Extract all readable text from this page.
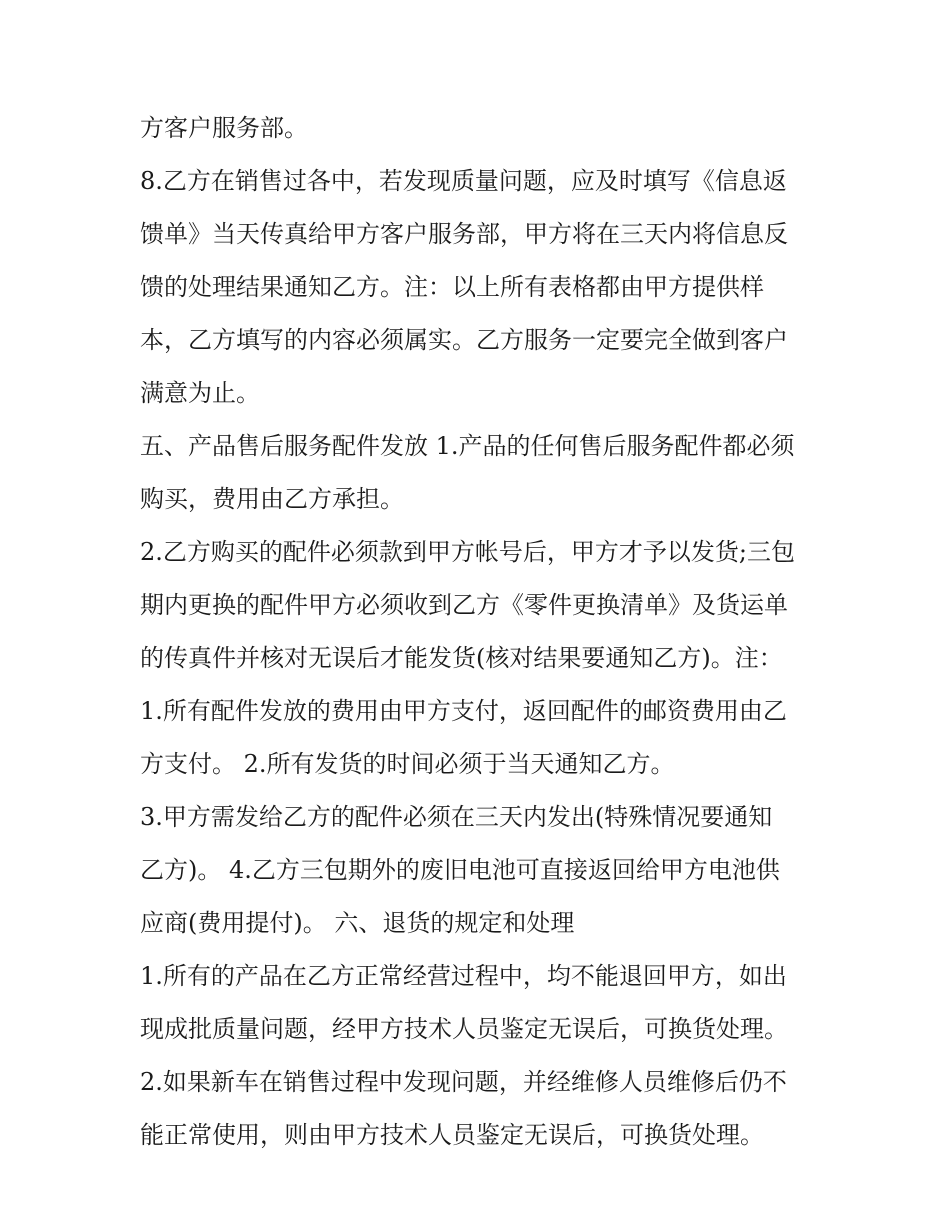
方客户服务部。
8.乙方在销售过各中，若发现质量问题，应及时填写《信息返
馈单》当天传真给甲方客户服务部，甲方将在三天内将信息反
馈的处理结果通知乙方。注：以上所有表格都由甲方提供样
本，乙方填写的内容必须属实。乙方服务一定要完全做到客户
满意为止。
五、产品售后服务配件发放 1.产品的任何售后服务配件都必须
购买，费用由乙方承担。
2.乙方购买的配件必须款到甲方帐号后，甲方才予以发货;三包
期内更换的配件甲方必须收到乙方《零件更换清单》及货运单
的传真件并核对无误后才能发货(核对结果要通知乙方)。注：
1.所有配件发放的费用由甲方支付，返回配件的邮资费用由乙
方支付。 2.所有发货的时间必须于当天通知乙方。
3.甲方需发给乙方的配件必须在三天内发出(特殊情况要通知
乙方)。 4.乙方三包期外的废旧电池可直接返回给甲方电池供
应商(费用提付)。 六、退货的规定和处理
1.所有的产品在乙方正常经营过程中，均不能退回甲方，如出
现成批质量问题，经甲方技术人员鉴定无误后，可换货处理。
2.如果新车在销售过程中发现问题，并经维修人员维修后仍不
能正常使用，则由甲方技术人员鉴定无误后，可换货处理。
